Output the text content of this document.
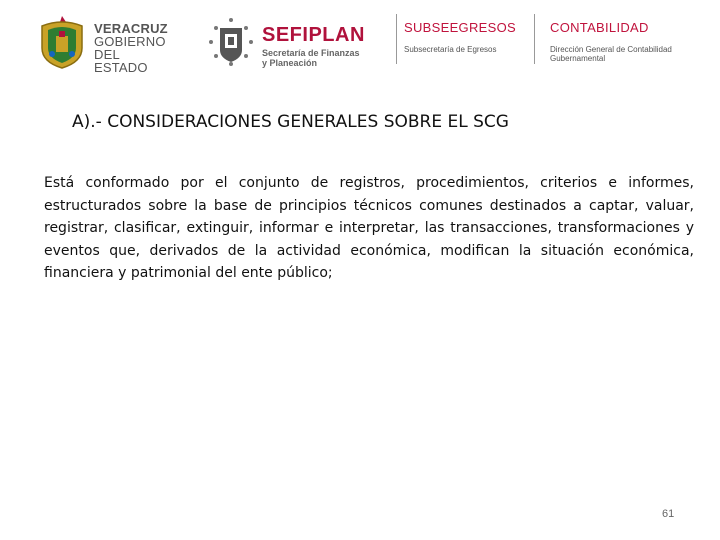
VERACRUZ
GOBIERNO
DEL ESTADO
SEFIPLAN
Secretaría de Finanzas
y Planeación
SUBSEEGRESOS
Subsecretaría de Egresos
CONTABILIDAD
Dirección General de Contabilidad
Gubernamental
A).- CONSIDERACIONES GENERALES SOBRE EL SCG
Está conformado por el conjunto de registros, procedimientos, criterios e informes, estructurados sobre la base de principios técnicos comunes destinados a captar, valuar, registrar, clasificar, extinguir, informar e interpretar, las transacciones, transformaciones y eventos que, derivados de la actividad económica, modifican la situación económica, financiera y patrimonial del ente público;
61
